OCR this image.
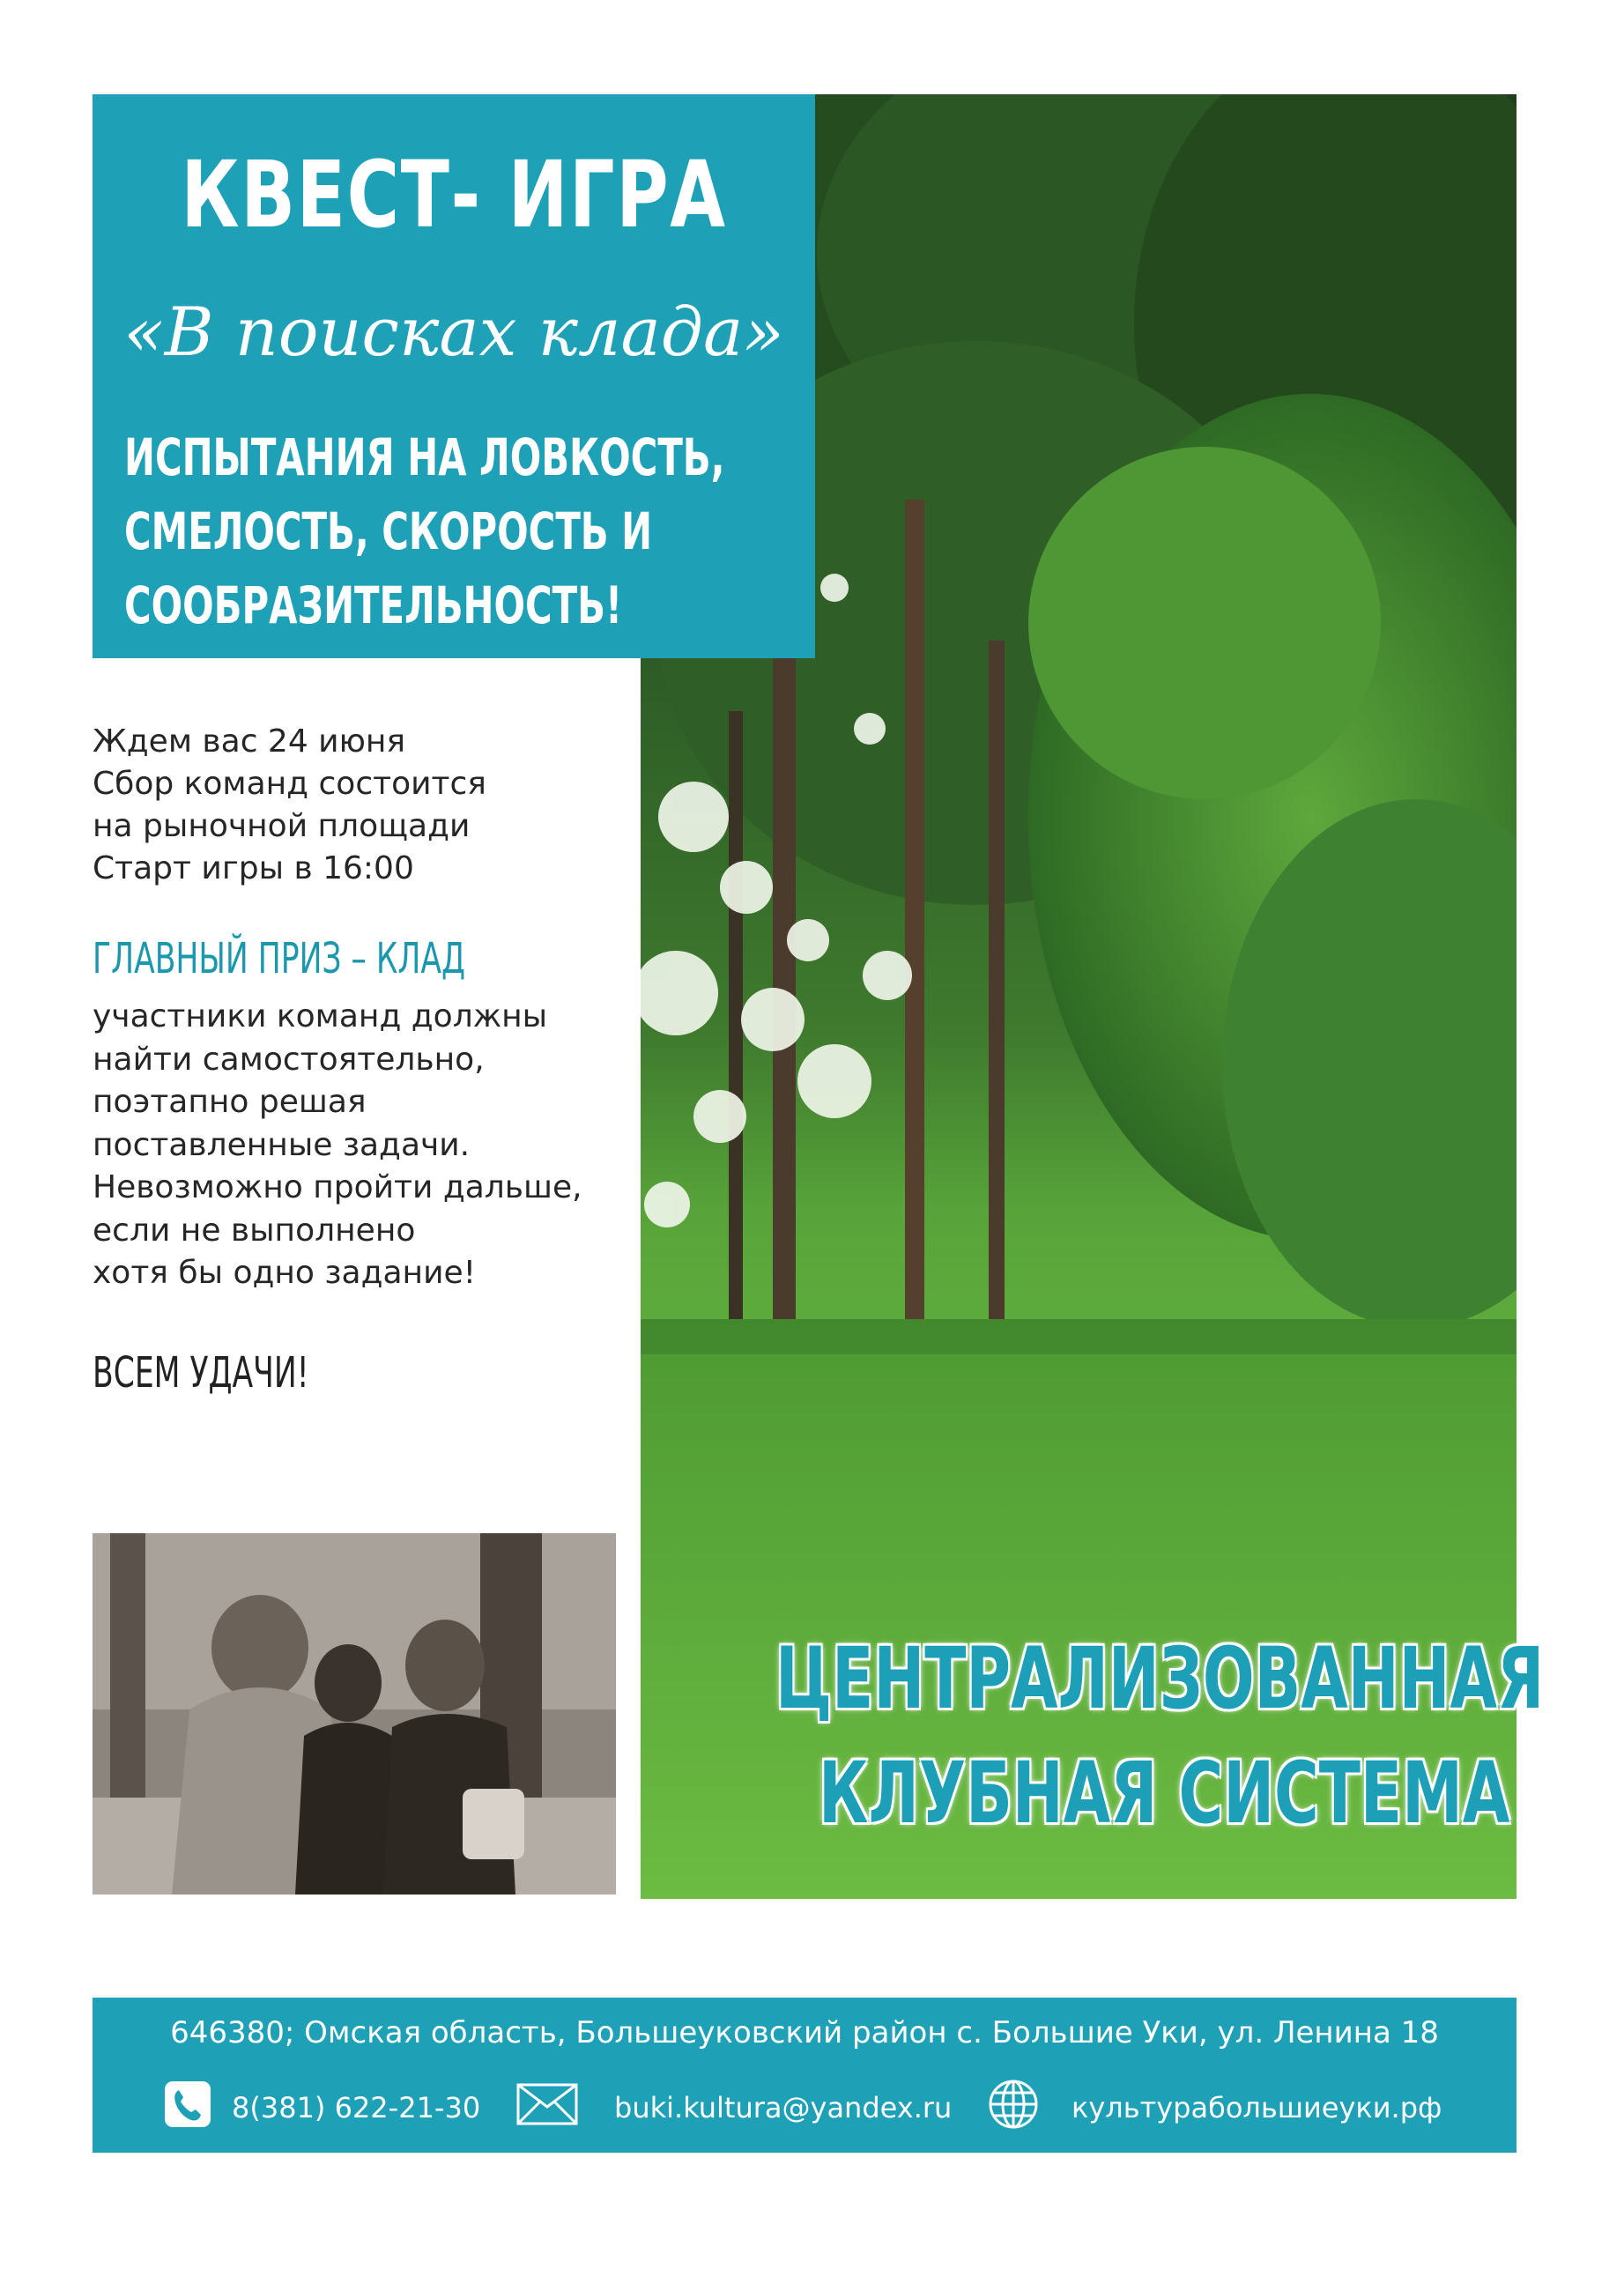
КВЕСТ- ИГРА
«В поисках клада»
ИСПЫТАНИЯ НА ЛОВКОСТЬ,
СМЕЛОСТЬ, СКОРОСТЬ И
СООБРАЗИТЕЛЬНОСТЬ!
Ждем вас 24 июня
Сбор команд состоится
на рыночной площади
Старт игры в 16:00
ГЛАВНЫЙ ПРИЗ – КЛАД
участники команд должны
найти самостоятельно,
поэтапно решая
поставленные задачи.
Невозможно пройти дальше,
если не выполнено
хотя бы одно задание!
ВСЕМ УДАЧИ!
ЦЕНТРАЛИЗОВАННАЯ
КЛУБНАЯ СИСТЕМА
646380; Омская область, Большеуковский район с. Большие Уки, ул. Ленина 18
8(381) 622-21-30	buki.kultura@yandex.ru	культурабольшиеуки.рф
